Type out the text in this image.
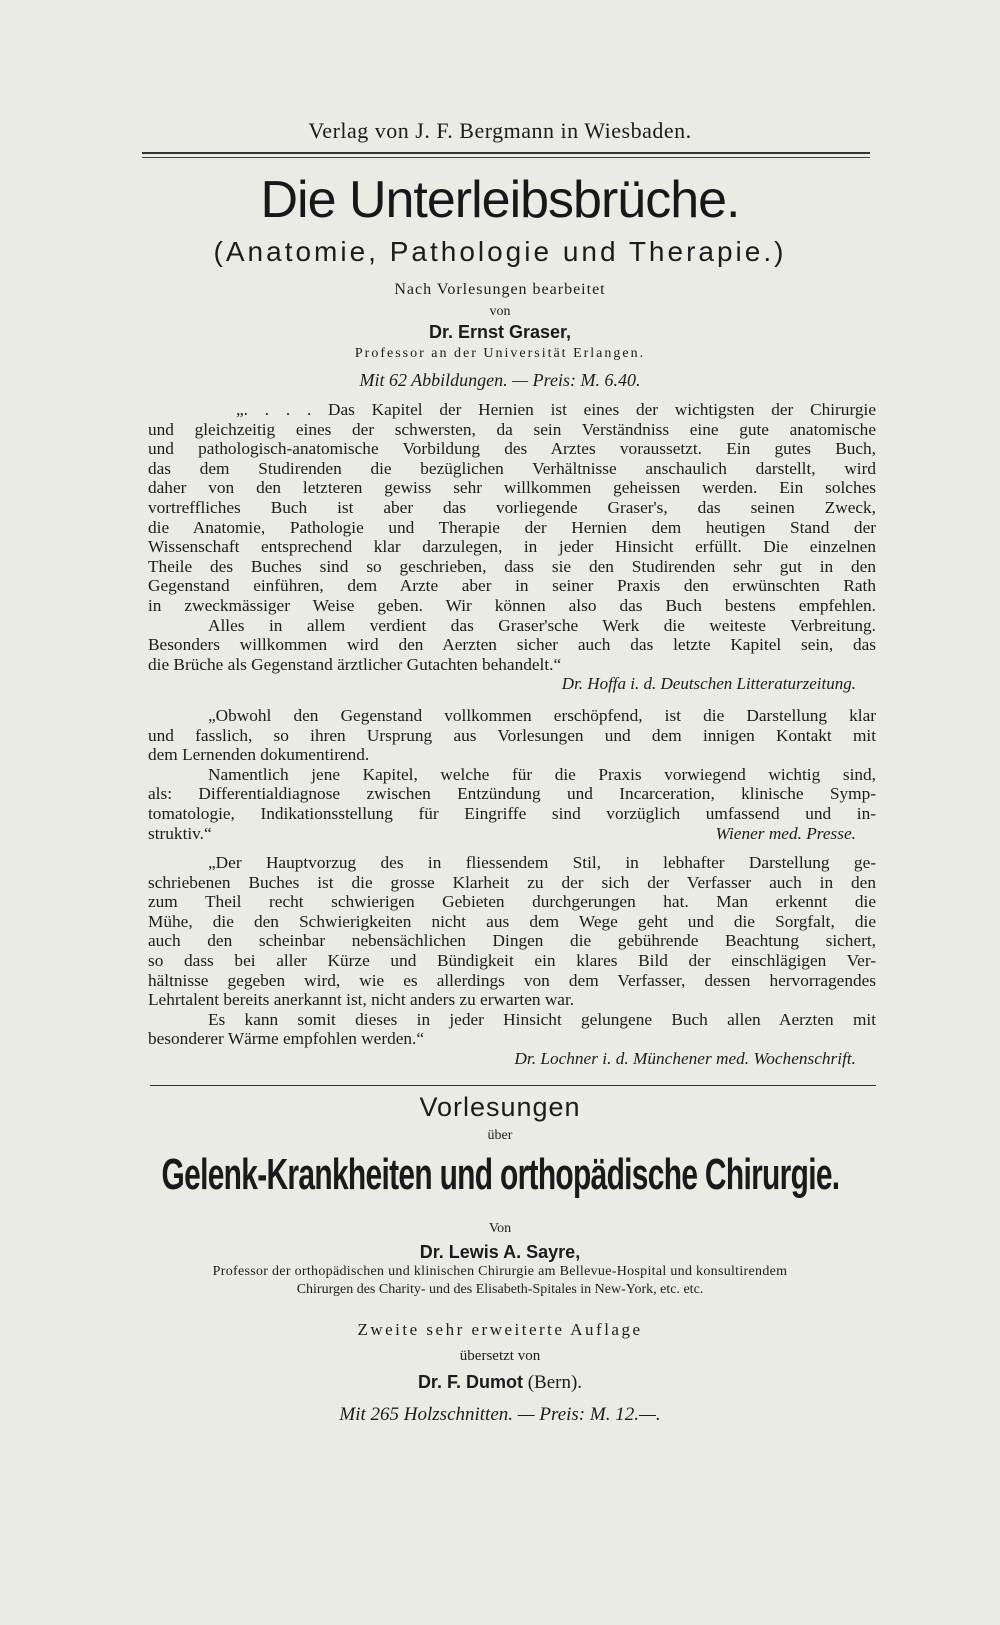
Verlag von J. F. Bergmann in Wiesbaden.
Die Unterleibsbrüche.
(Anatomie, Pathologie und Therapie.)
Nach Vorlesungen bearbeitet
von
Dr. Ernst Graser,
Professor an der Universität Erlangen.
Mit 62 Abbildungen. — Preis: M. 6.40.
„. . . . Das Kapitel der Hernien ist eines der wichtigsten der Chirurgie
und gleichzeitig eines der schwersten, da sein Verständniss eine gute anatomische
und pathologisch-anatomische Vorbildung des Arztes voraussetzt. Ein gutes Buch,
das dem Studirenden die bezüglichen Verhältnisse anschaulich darstellt, wird
daher von den letzteren gewiss sehr willkommen geheissen werden. Ein solches
vortreffliches Buch ist aber das vorliegende Graser's, das seinen Zweck,
die Anatomie, Pathologie und Therapie der Hernien dem heutigen Stand der
Wissenschaft entsprechend klar darzulegen, in jeder Hinsicht erfüllt. Die einzelnen
Theile des Buches sind so geschrieben, dass sie den Studirenden sehr gut in den
Gegenstand einführen, dem Arzte aber in seiner Praxis den erwünschten Rath
in zweckmässiger Weise geben. Wir können also das Buch bestens empfehlen.
Alles in allem verdient das Graser'sche Werk die weiteste Verbreitung.
Besonders willkommen wird den Aerzten sicher auch das letzte Kapitel sein, das
die Brüche als Gegenstand ärztlicher Gutachten behandelt.“
Dr. Hoffa i. d. Deutschen Litteraturzeitung.
„Obwohl den Gegenstand vollkommen erschöpfend, ist die Darstellung klar
und fasslich, so ihren Ursprung aus Vorlesungen und dem innigen Kontakt mit
dem Lernenden dokumentirend.
Namentlich jene Kapitel, welche für die Praxis vorwiegend wichtig sind,
als: Differentialdiagnose zwischen Entzündung und Incarceration, klinische Symp-
tomatologie, Indikationsstellung für Eingriffe sind vorzüglich umfassend und in-
struktiv.“	Wiener med. Presse.
„Der Hauptvorzug des in fliessendem Stil, in lebhafter Darstellung ge-
schriebenen Buches ist die grosse Klarheit zu der sich der Verfasser auch in den
zum Theil recht schwierigen Gebieten durchgerungen hat. Man erkennt die
Mühe, die den Schwierigkeiten nicht aus dem Wege geht und die Sorgfalt, die
auch den scheinbar nebensächlichen Dingen die gebührende Beachtung sichert,
so dass bei aller Kürze und Bündigkeit ein klares Bild der einschlägigen Ver-
hältnisse gegeben wird, wie es allerdings von dem Verfasser, dessen hervorragendes
Lehrtalent bereits anerkannt ist, nicht anders zu erwarten war.
Es kann somit dieses in jeder Hinsicht gelungene Buch allen Aerzten mit
besonderer Wärme empfohlen werden.“
Dr. Lochner i. d. Münchener med. Wochenschrift.
Vorlesungen
über
Gelenk-Krankheiten und orthopädische Chirurgie.
Von
Dr. Lewis A. Sayre,
Professor der orthopädischen und klinischen Chirurgie am Bellevue-Hospital und konsultirendem
Chirurgen des Charity- und des Elisabeth-Spitales in New-York, etc. etc.
Zweite sehr erweiterte Auflage
übersetzt von
Dr. F. Dumot (Bern).
Mit 265 Holzschnitten. — Preis: M. 12.—.
